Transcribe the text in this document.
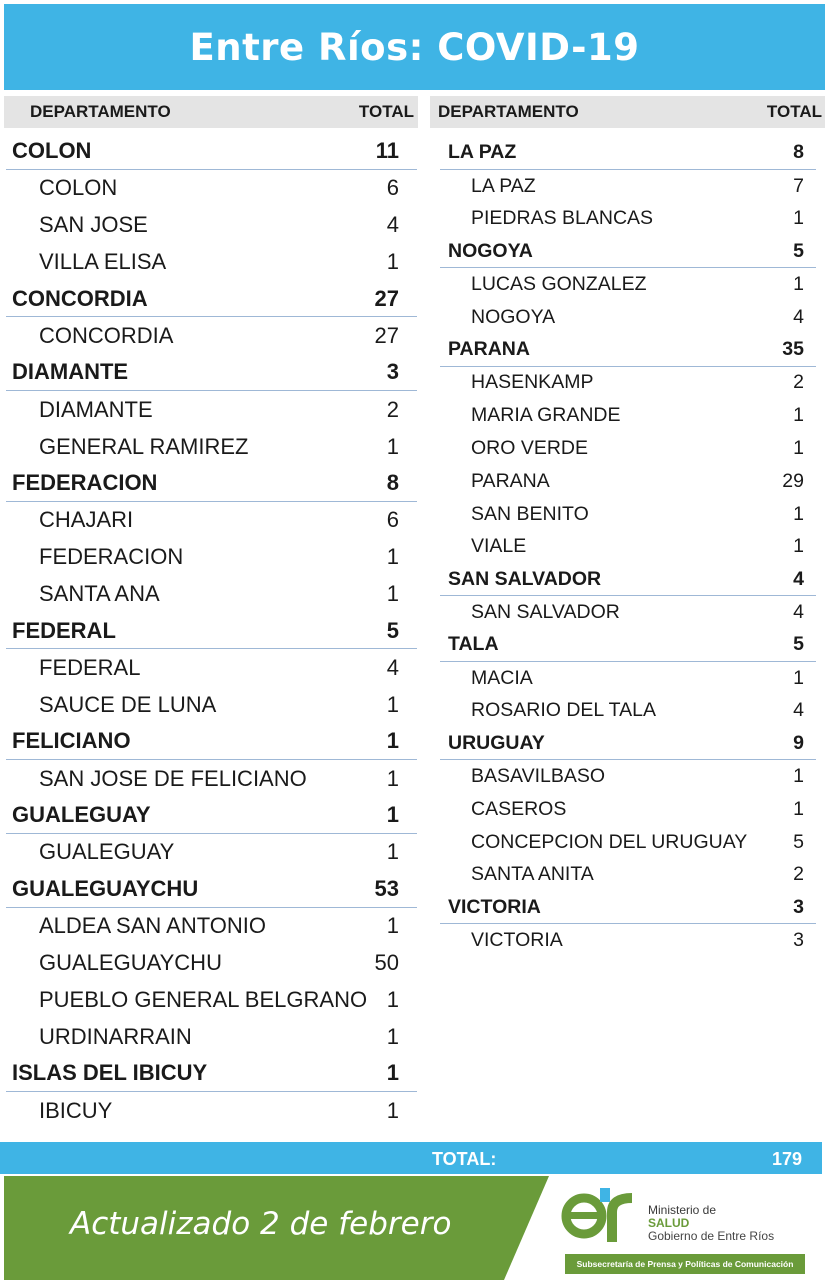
Entre Ríos: COVID-19
DEPARTAMENTO	TOTAL DEPARTAMENTO	TOTAL
COLON	11
COLON	6
SAN JOSE	4
VILLA ELISA	1
CONCORDIA	27
CONCORDIA	27
DIAMANTE	3
DIAMANTE	2
GENERAL RAMIREZ	1
FEDERACION	8
CHAJARI	6
FEDERACION	1
SANTA ANA	1
FEDERAL	5
FEDERAL	4
SAUCE DE LUNA	1
FELICIANO	1
SAN JOSE DE FELICIANO	1
GUALEGUAY	1
GUALEGUAY	1
GUALEGUAYCHU	53
ALDEA SAN ANTONIO	1
GUALEGUAYCHU	50
PUEBLO GENERAL BELGRANO 1
URDINARRAIN	1
ISLAS DEL IBICUY	1
IBICUY	1
LA PAZ	8
LA PAZ	7
PIEDRAS BLANCAS	1
NOGOYA	5
LUCAS GONZALEZ	1
NOGOYA	4
PARANA	35
HASENKAMP	2
MARIA GRANDE	1
ORO VERDE	1
PARANA	29
SAN BENITO	1
VIALE	1
SAN SALVADOR	4
SAN SALVADOR	4
TALA	5
MACIA	1
ROSARIO DEL TALA	4
URUGUAY	9
BASAVILBASO	1
CASEROS	1
CONCEPCION DEL URUGUAY 5
SANTA ANITA	2
VICTORIA	3
VICTORIA	3
TOTAL:	179
Actualizado 2 de febrero	Ministerio de
SALUD
Gobierno de Entre Ríos
Subsecretaría de Prensa y Políticas de Comunicación
